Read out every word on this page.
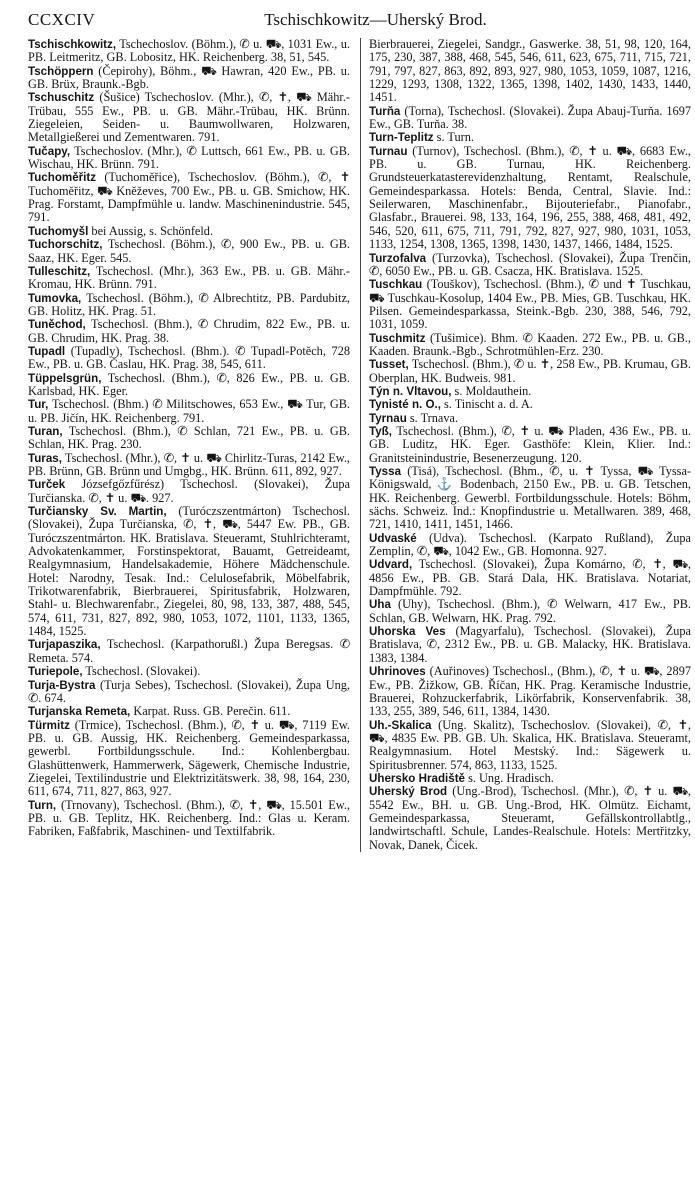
CCXCIV	Tschischkowitz—Uherský Brod.

Tschischkowitz, Tschechoslov. (Böhm.), ✆ u. ⛟, 1031 Ew., u. PB. Leitmeritz, GB. Lobositz, HK. Reichenberg. 38, 51, 545.

Tschöppern (Čepirohy), Böhm., ⛟ Hawran, 420 Ew., PB. u. GB. Brüx, Braunk.-Bgb.

Tschuschitz (Šušice) Tschechoslov. (Mhr.), ✆, ✝, ⛟ Mähr.-Trübau, 555 Ew., PB. u. GB. Mähr.-Trübau, HK. Brünn. Ziegeleien, Seiden- u. Baumwollwaren, Holzwaren, Metallgießerei und Zementwaren. 791.

Tučapy, Tschechoslov. (Mhr.), ✆ Luttsch, 661 Ew., PB. u. GB. Wischau, HK. Brünn. 791.

Tuchoměřitz (Tuchoměřice), Tschechoslov. (Böhm.), ✆, ✝ Tuchoměřitz, ⛟ Kněževes, 700 Ew., PB. u. GB. Smichow, HK. Prag. Forstamt, Dampfmühle u. landw. Maschinenindustrie. 545, 791.

Tuchomyšl bei Aussig, s. Schönfeld.

Tuchorschitz, Tschechosl. (Böhm.), ✆, 900 Ew., PB. u. GB. Saaz, HK. Eger. 545.

Tulleschitz, Tschechosl. (Mhr.), 363 Ew., PB. u. GB. Mähr.-Kromau, HK. Brünn. 791.

Tumovka, Tschechosl. (Böhm.), ✆ Albrechtitz, PB. Pardubitz, GB. Holitz, HK. Prag. 51.

Tuněchod, Tschechosl. (Bhm.), ✆ Chrudim, 822 Ew., PB. u. GB. Chrudim, HK. Prag. 38.

Tupadl (Tupadly), Tschechosl. (Bhm.). ✆ Tupadl-Potěch, 728 Ew., PB. u. GB. Časlau, HK. Prag. 38, 545, 611.

Tüppelsgrün, Tschechosl. (Bhm.), ✆, 826 Ew., PB. u. GB. Karlsbad, HK. Eger.

Tur, Tschechosl. (Bhm.) ✆ Militschowes, 653 Ew., ⛟ Tur, GB. u. PB. Jičín, HK. Reichenberg. 791.

Turan, Tschechosl. (Bhm.), ✆ Schlan, 721 Ew., PB. u. GB. Schlan, HK. Prag. 230.

Turas, Tschechosl. (Mhr.), ✆, ✝ u. ⛟ Chirlitz-Turas, 2142 Ew., PB. Brünn, GB. Brünn und Umgbg., HK. Brünn. 611, 892, 927.

Turček Józsefgőzfűrész) Tschechosl. (Slovakei), Župa Turčianska. ✆, ✝ u. ⛟. 927.

Turčiansky Sv. Martin, (Turóczszentmárton) Tschechosl. (Slovakei), Župa Turčianska, ✆, ✝, ⛟, 5447 Ew. PB., GB. Turóczszentmárton. HK. Bratislava. Steueramt, Stuhlrichteramt, Advokatenkammer, Forstinspektorat, Bauamt, Getreideamt, Realgymnasium, Handelsakademie, Höhere Mädchenschule. Hotel: Narodny, Tesak. Ind.: Celulosefabrik, Möbelfabrik, Trikotwarenfabrik, Bierbrauerei, Spiritusfabrik, Holzwaren, Stahl- u. Blechwarenfabr., Ziegelei, 80, 98, 133, 387, 488, 545, 574, 611, 731, 827, 892, 980, 1053, 1072, 1101, 1133, 1365, 1484, 1525.

Turjapaszika, Tschechosl. (Karpathorußl.) Župa Beregsas. ✆ Remeta. 574.

Turiepole, Tschechosl. (Slovakei).

Turja-Bystra (Turja Sebes), Tschechosl. (Slovakei), Župa Ung, ✆. 674.

Turjanska Remeta, Karpat. Russ. GB. Perečin. 611.

Türmitz (Trmice), Tschechosl. (Bhm.), ✆, ✝ u. ⛟, 7119 Ew. PB. u. GB. Aussig, HK. Reichenberg. Gemeindesparkassa, gewerbl. Fortbildungsschule. Ind.: Kohlenbergbau. Glashüttenwerk, Hammerwerk, Sägewerk, Chemische Industrie, Ziegelei, Textilindustrie und Elektrizitätswerk. 38, 98, 164, 230, 611, 674, 711, 827, 863, 927.

Turn, (Trnovany), Tschechosl. (Bhm.), ✆, ✝, ⛟, 15.501 Ew., PB. u. GB. Teplitz, HK. Reichenberg. Ind.: Glas u. Keram. Fabriken, Faßfabrik, Maschinen- und Textilfabrik.

Bierbrauerei, Ziegelei, Sandgr., Gaswerke. 38, 51, 98, 120, 164, 175, 230, 387, 388, 468, 545, 546, 611, 623, 675, 711, 715, 721, 791, 797, 827, 863, 892, 893, 927, 980, 1053, 1059, 1087, 1216, 1229, 1293, 1308, 1322, 1365, 1398, 1402, 1430, 1433, 1440, 1451.

Turňa (Torna), Tschechosl. (Slovakei). Župa Abauj-Turňa. 1697 Ew., GB. Turňa. 38.

Turn-Teplitz s. Turn.

Turnau (Turnov), Tschechosl. (Bhm.), ✆, ✝ u. ⛟, 6683 Ew., PB. u. GB. Turnau, HK. Reichenberg. Grundsteuerkatasterevidenzhaltung, Rentamt, Realschule, Gemeindesparkassa. Hotels: Benda, Central, Slavie. Ind.: Seilerwaren, Maschinenfabr., Bijouteriefabr., Pianofabr., Glasfabr., Brauerei. 98, 133, 164, 196, 255, 388, 468, 481, 492, 546, 520, 611, 675, 711, 791, 792, 827, 927, 980, 1031, 1053, 1133, 1254, 1308, 1365, 1398, 1430, 1437, 1466, 1484, 1525.

Turzofalva (Turzovka), Tschechosl. (Slovakei), Župa Trenčin, ✆, 6050 Ew., PB. u. GB. Csacza, HK. Bratislava. 1525.

Tuschkau (Touškov), Tschechosl. (Bhm.), ✆ und ✝ Tuschkau, ⛟ Tuschkau-Kosolup, 1404 Ew., PB. Mies, GB. Tuschkau, HK. Pilsen. Gemeindesparkassa, Steink.-Bgb. 230, 388, 546, 792, 1031, 1059.

Tuschmitz (Tušimice). Bhm. ✆ Kaaden. 272 Ew., PB. u. GB., Kaaden. Braunk.-Bgb., Schrotmühlen-Erz. 230.

Tusset, Tschechosl. (Bhm.), ✆ u. ✝, 258 Ew., PB. Krumau, GB. Oberplan, HK. Budweis. 981.

Týn n. Vltavou, s. Moldauthein.

Tynisté n. O., s. Tinischt a. d. A.

Tyrnau s. Trnava.

Tyß, Tschechosl. (Bhm.), ✆, ✝ u. ⛟ Pladen, 436 Ew., PB. u. GB. Luditz, HK. Eger. Gasthöfe: Klein, Klier. Ind.: Granitsteinindustrie, Besenerzeugung. 120.

Tyssa (Tisá), Tschechosl. (Bhm., ✆, u. ✝ Tyssa, ⛟ Tyssa-Königswald, ⚓ Bodenbach, 2150 Ew., PB. u. GB. Tetschen, HK. Reichenberg. Gewerbl. Fortbildungsschule. Hotels: Böhm, sächs. Schweiz. Ind.: Knopfindustrie u. Metallwaren. 389, 468, 721, 1410, 1411, 1451, 1466.

Udvaské (Udva). Tschechosl. (Karpato Rußland), Župa Zemplin, ✆, ⛟, 1042 Ew., GB. Homonna. 927.

Udvard, Tschechosl. (Slovakei), Župa Komárno, ✆, ✝, ⛟, 4856 Ew., PB. GB. Stará Dala, HK. Bratislava. Notariat, Dampfmühle. 792.

Uha (Uhy), Tschechosl. (Bhm.), ✆ Welwarn, 417 Ew., PB. Schlan, GB. Welwarn, HK. Prag. 792.

Uhorska Ves (Magyarfalu), Tschechosl. (Slovakei), Župa Bratislava, ✆, 2312 Ew., PB. u. GB. Malacky, HK. Bratislava. 1383, 1384.

Uhrinoves (Auřinoves) Tschechosl., (Bhm.), ✆, ✝ u. ⛟, 2897 Ew., PB. Žižkow, GB. Říčan, HK. Prag. Keramische Industrie, Brauerei, Rohzuckerfabrik, Likörfabrik, Konservenfabrik. 38, 133, 255, 389, 546, 611, 1384, 1430.

Uh.-Skalica (Ung. Skalitz), Tschechoslov. (Slovakei), ✆, ✝, ⛟, 4835 Ew. PB. GB. Uh. Skalica, HK. Bratislava. Steueramt, Realgymnasium. Hotel Mestský. Ind.: Sägewerk u. Spiritusbrenner. 574, 863, 1133, 1525.

Uhersko Hradiště s. Ung. Hradisch.

Uherský Brod (Ung.-Brod), Tschechosl. (Mhr.), ✆, ✝ u. ⛟, 5542 Ew., BH. u. GB. Ung.-Brod, HK. Olmütz. Eichamt, Gemeindesparkassa, Steueramt, Gefällskontrollabtlg., landwirtschaftl. Schule, Landes-Realschule. Hotels: Mertřitzky, Novak, Danek, Čicek.
